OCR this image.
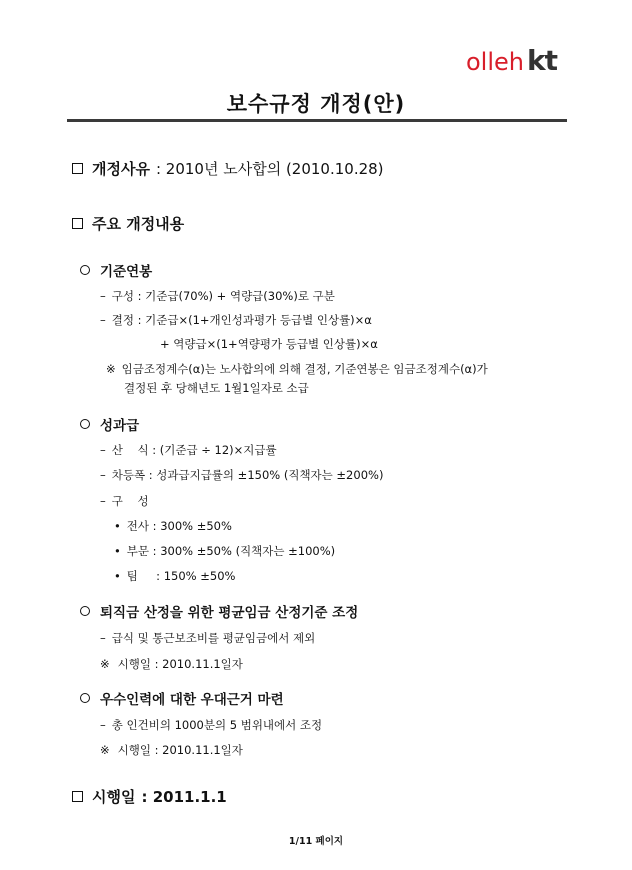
olleh kt
보수규정 개정(안)
개정사유 : 2010년 노사합의 (2010.10.28)
주요 개정내용
기준연봉
– 구성 : 기준급(70%) + 역량급(30%)로 구분
– 결정 : 기준급×(1+개인성과평가 등급별 인상률)×α
+ 역량급×(1+역량평가 등급별 인상률)×α
※ 임금조정계수(α)는 노사합의에 의해 결정, 기준연봉은 임금조정계수(α)가
결정된 후 당해년도 1월1일자로 소급
성과급
– 산    식 : (기준급 ÷ 12)×지급률
– 차등폭 : 성과급지급률의 ±150% (직책자는 ±200%)
– 구    성
• 전사 : 300% ±50%
• 부문 : 300% ±50% (직책자는 ±100%)
• 팀     : 150% ±50%
퇴직금 산정을 위한 평균임금 산정기준 조정
– 급식 및 통근보조비를 평균임금에서 제외
※ 시행일 : 2010.11.1일자
우수인력에 대한 우대근거 마련
– 총 인건비의 1000분의 5 범위내에서 조정
※ 시행일 : 2010.11.1일자
시행일 : 2011.1.1
1/11 페이지
